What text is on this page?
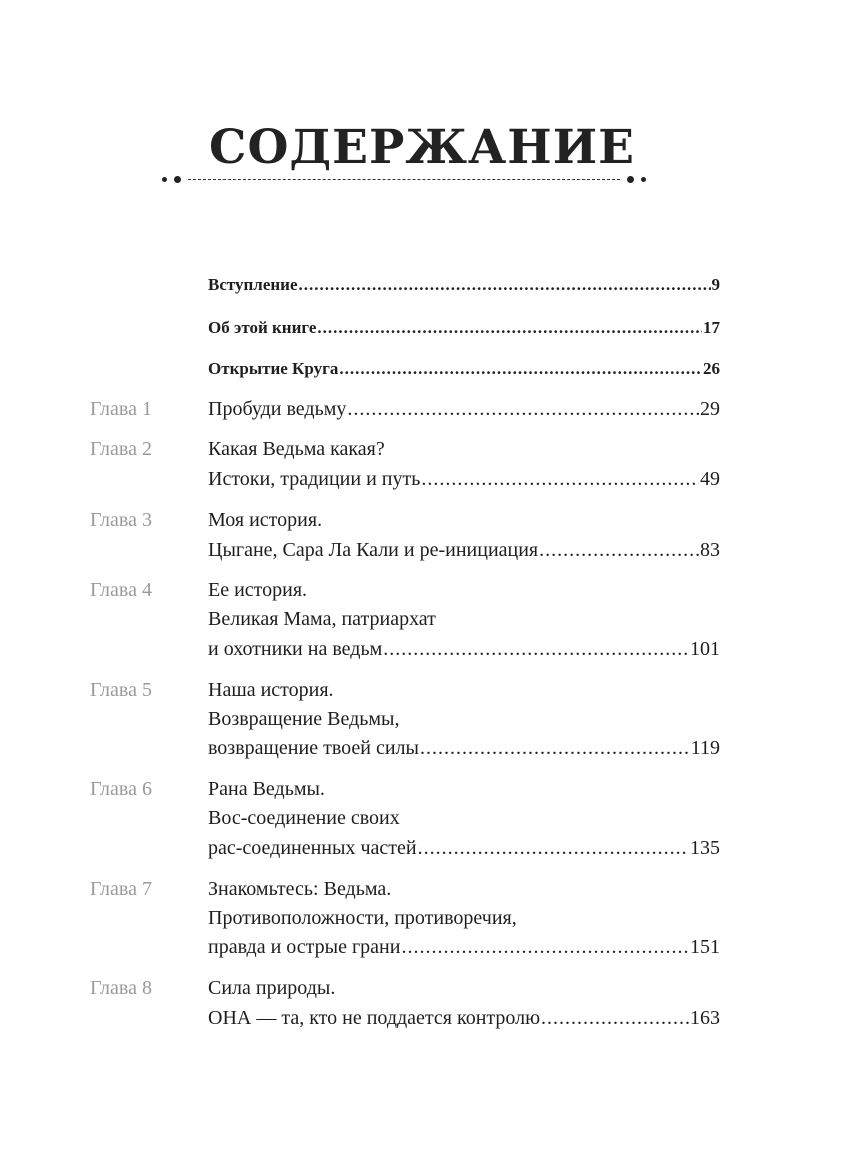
СОДЕРЖАНИЕ
Вступление .....	9
Об этой книге .....	17
Открытие Круга .....	26
Глава 1	Пробуди ведьму .....	29
Глава 2	Какая Ведьма какая?
Истоки, традиции и путь .....	49
Глава 3	Моя история.
Цыгане, Сара Ла Кали и ре-инициация .....	83
Глава 4	Ее история.
Великая Мама, патриархат
и охотники на ведьм .....	101
Глава 5	Наша история.
Возвращение Ведьмы,
возвращение твоей силы .....	119
Глава 6	Рана Ведьмы.
Вос-соединение своих
рас-соединенных частей .....	135
Глава 7	Знакомьтесь: Ведьма.
Противоположности, противоречия,
правда и острые грани .....	151
Глава 8	Сила природы.
ОНА — та, кто не поддается контролю .....	163
